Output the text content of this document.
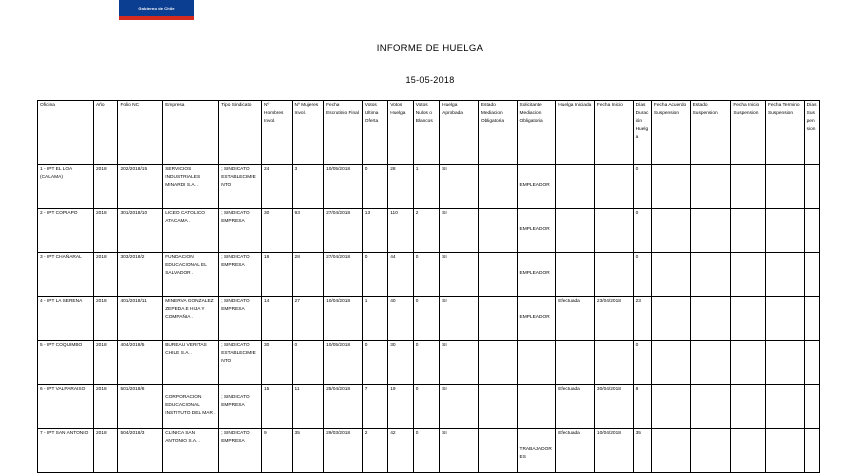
Gobierno de Chile
INFORME DE HUELGA
15-05-2018
Oficina	Año	Folio NC	Empresa	Tipo Sindicato	Nº Hombres Invol.	Nº Mujeres Invol.	Fecha Escrutinio Final	Votos Ultima Oferta	Votos Huelga	Votos Nulos o Blancos	Huelga Aprobada	Estado Mediacion Obligatoria	Solicitante Mediacion Obligatoria	Huelga Iniciada	Fecha Inicio	Días Duración Huelga	Fecha Acuerdo Suspension	Estado Suspension	Fecha Inicio Suspension	Fecha Termino Suspension	Días Suspension
1 - IPT EL LOA (CALAMA)	2018	202/2018/15	SERVICIOS INDUSTRIALES MINARDI S.A. .	; SINDICATO ESTABLECIMIENTO	24	3	10/05/2018	0	28	1	SI		EMPLEADOR			0					
2 - IPT COPIAPO	2018	301/2018/10	LICEO CATOLICO ATACAMA .	; SINDICATO EMPRESA	30	93	27/04/2018	13	110	2	SI		EMPLEADOR			0					
3 - IPT CHAÑARAL	2018	303/2018/2	FUNDACION EDUCACIONAL EL SALVADOR .	; SINDICATO EMPRESA	18	28	27/04/2018	0	44	0	SI		EMPLEADOR			0					
4 - IPT LA SERENA	2018	401/2018/11	MINERVA GONZALEZ ZEPEDA E HIJA Y COMPAÑIA .	; SINDICATO EMPRESA	14	27	10/04/2018	1	40	0	SI		EMPLEADOR	Efectuada	23/04/2018	23					
5 - IPT COQUIMBO	2018	404/2018/5	BUREAU VERITAS CHILE S.A. .	; SINDICATO ESTABLECIMIENTO	30	0	10/05/2018	0	30	0	SI					0					
6 - IPT VALPARAISO	2018	501/2018/8	CORPORACION EDUCACIONAL INSTITUTO DEL MAR .	; SINDICATO EMPRESA	15	11	25/04/2018	7	19	0	SI			Efectuada	30/04/2018	8					
7 - IPT SAN ANTONIO	2018	504/2018/3	CLINICA SAN ANTONIO S.A. .	; SINDICATO EMPRESA	9	35	29/03/2018	2	42	0	SI		TRABAJADORES	Efectuada	10/04/2018	35					
